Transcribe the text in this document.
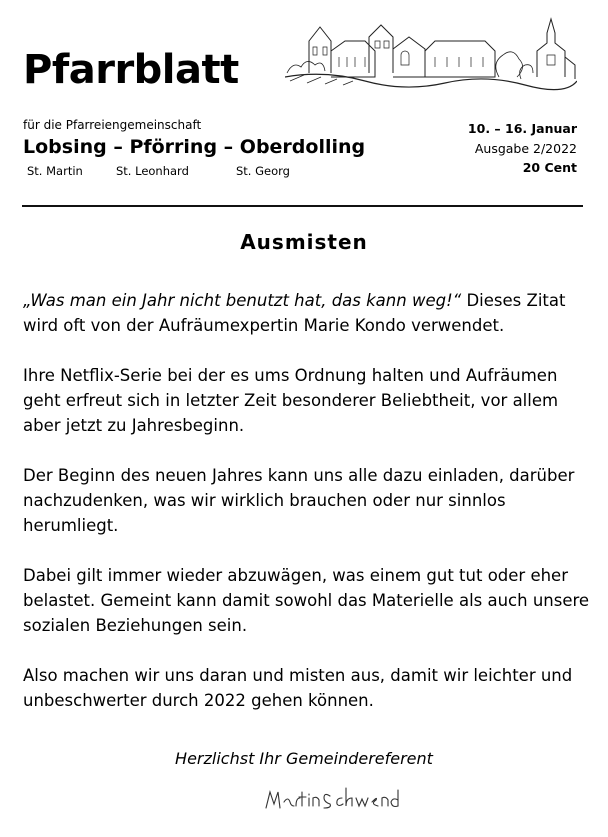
Pfarrblatt
für die Pfarreiengemeinschaft
Lobsing – Pförring – Oberdolling
St. Martin	St. Leonhard	St. Georg
10. – 16. Januar
Ausgabe 2/2022
20 Cent
Ausmisten

„Was man ein Jahr nicht benutzt hat, das kann weg!“ Dieses Zitat wird oft von der Aufräumexpertin Marie Kondo verwendet.

Ihre Netflix-Serie bei der es ums Ordnung halten und Aufräumen geht erfreut sich in letzter Zeit besonderer Beliebtheit, vor allem aber jetzt zu Jahresbeginn.

Der Beginn des neuen Jahres kann uns alle dazu einladen, darüber nachzudenken, was wir wirklich brauchen oder nur sinnlos herumliegt.

Dabei gilt immer wieder abzuwägen, was einem gut tut oder eher belastet. Gemeint kann damit sowohl das Materielle als auch unsere sozialen Beziehungen sein.

Also machen wir uns daran und misten aus, damit wir leichter und unbeschwerter durch 2022 gehen können.

Herzlichst Ihr Gemeindereferent
